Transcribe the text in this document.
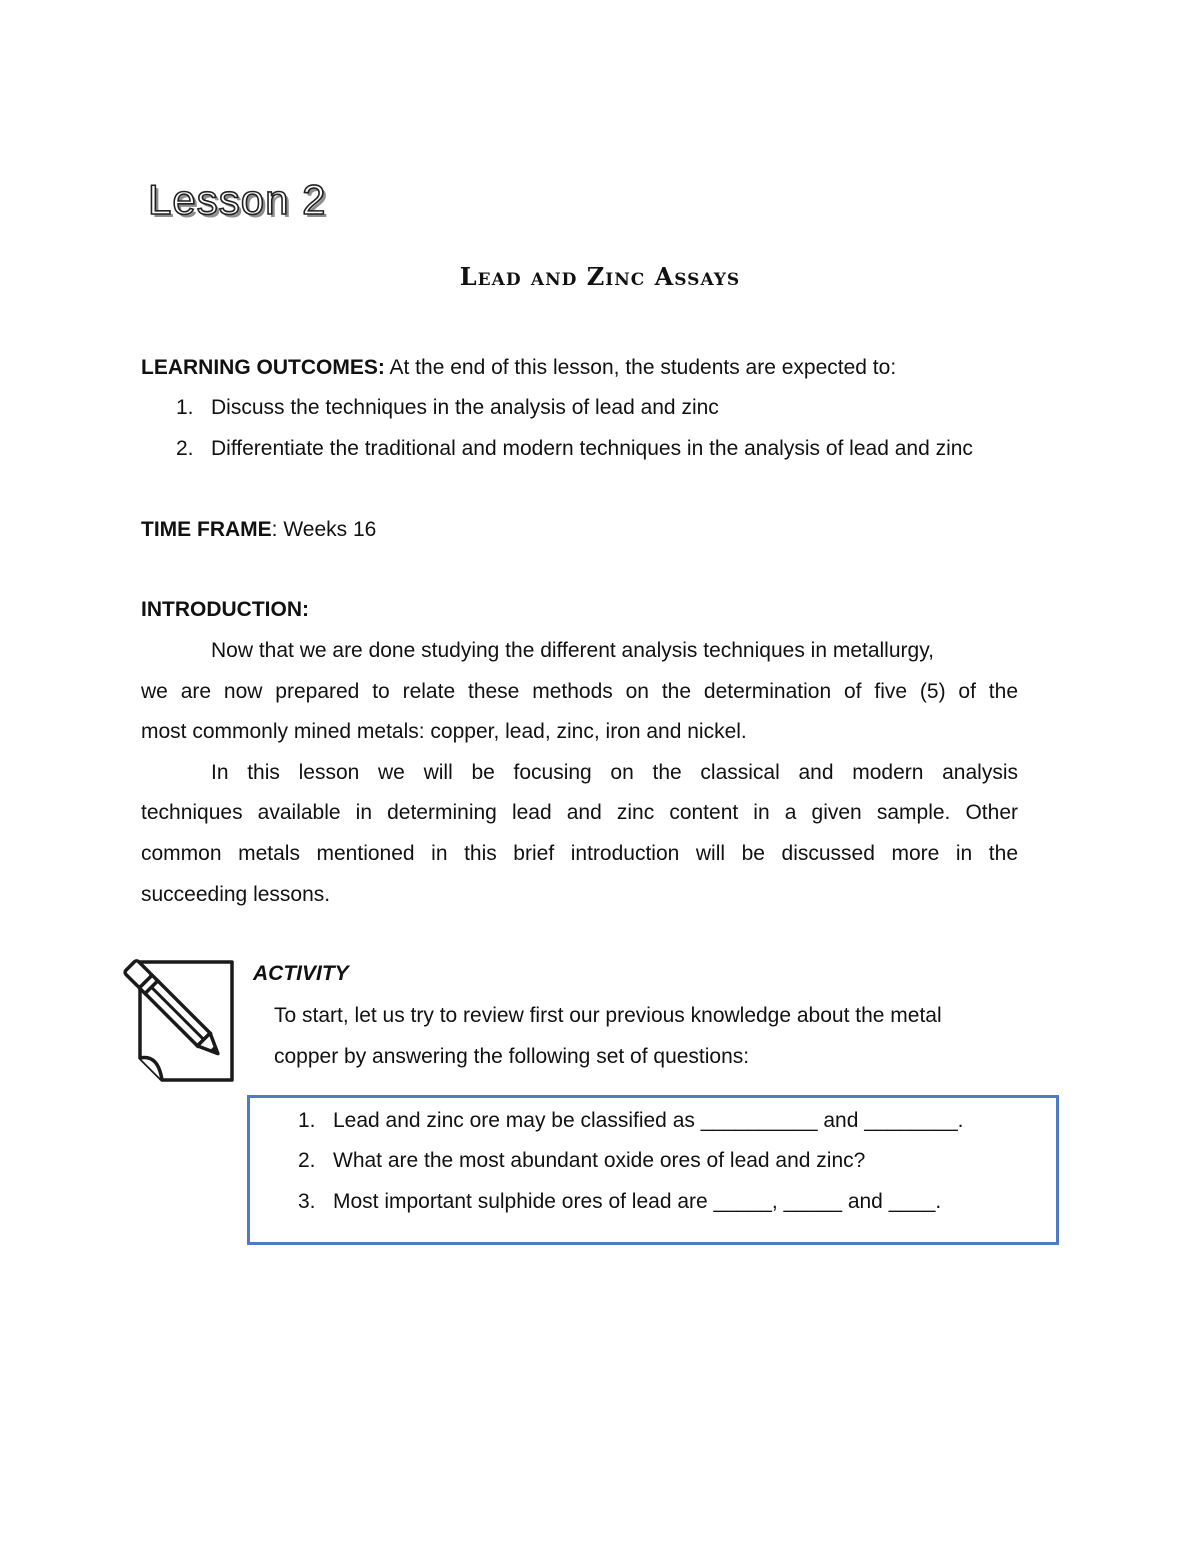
Lesson 2
Lead and Zinc Assays
LEARNING OUTCOMES: At the end of this lesson, the students are expected to:
1. Discuss the techniques in the analysis of lead and zinc
2. Differentiate the traditional and modern techniques in the analysis of lead and zinc
TIME FRAME: Weeks 16
INTRODUCTION:
Now that we are done studying the different analysis techniques in metallurgy,
we are now prepared to relate these methods on the determination of five (5) of the
most commonly mined metals: copper, lead, zinc, iron and nickel.
In this lesson we will be focusing on the classical and modern analysis
techniques available in determining lead and zinc content in a given sample. Other
common metals mentioned in this brief introduction will be discussed more in the
succeeding lessons.
ACTIVITY
To start, let us try to review first our previous knowledge about the metal
copper by answering the following set of questions:
1. Lead and zinc ore may be classified as __________ and ________.
2. What are the most abundant oxide ores of lead and zinc?
3. Most important sulphide ores of lead are _____, _____ and ____.
